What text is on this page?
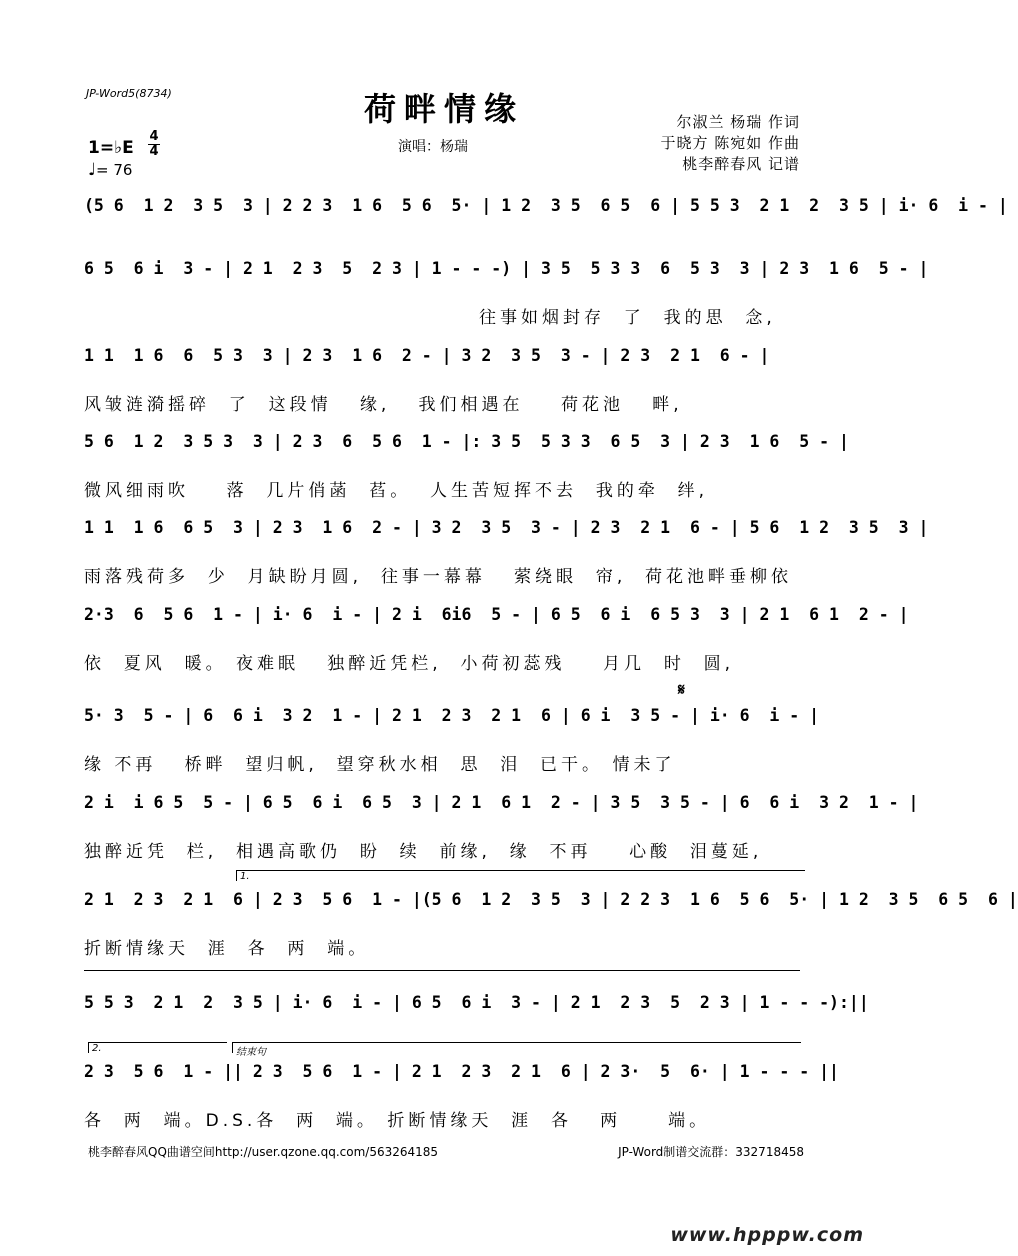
JP-Word5(8734)	荷畔情缘
演唱：杨瑞
尔淑兰 杨瑞 作词
于晓方 陈宛如 作曲
桃李醉春风 记谱
1=♭E
4
4
♩= 76
(5 6  1 2  3 5  3 | 2 2 3  1 6  5 6  5· | 1 2  3 5  6 5  6 | 5 5 3  2 1  2  3 5 | i· 6  i - |
6 5  6 i  3 - | 2 1  2 3  5  2 3 | 1 - - -) | 3 5  5 3 3  6  5 3  3 | 2 3  1 6  5 - |
往事如烟封存  了  我的思  念,
1 1  1 6  6  5 3  3 | 2 3  1 6  2 - | 3 2  3 5  3 - | 2 3  2 1  6 - |
风皱涟漪摇碎  了  这段情   缘,   我们相遇在    荷花池   畔,
5 6  1 2  3 5 3  3 | 2 3  6  5 6  1 - |: 3 5  5 3 3  6 5  3 | 2 3  1 6  5 - |
微风细雨吹    落  几片俏菡  萏。  人生苦短挥不去  我的牵  绊,
1 1  1 6  6 5  3 | 2 3  1 6  2 - | 3 2  3 5  3 - | 2 3  2 1  6 - | 5 6  1 2  3 5  3 |
雨落残荷多  少  月缺盼月圆,  往事一幕幕   萦绕眼  帘,  荷花池畔垂柳依
2·3  6  5 6  1 - | i· 6  i - | 2 i  6i6  5 - | 6 5  6 i  6 5 3  3 | 2 1  6 1  2 - |
依  夏风  暖。 夜难眠   独醉近凭栏,  小荷初蕊残    月几  时  圆,
𝄋
5· 3  5 - | 6  6 i  3 2  1 - | 2 1  2 3  2 1  6 | 6 i  3 5 - | i· 6  i - |
缘 不再   桥畔  望归帆,  望穿秋水相  思  泪  已干。 情未了
2 i  i 6 5  5 - | 6 5  6 i  6 5  3 | 2 1  6 1  2 - | 3 5  3 5 - | 6  6 i  3 2  1 - |
独醉近凭  栏,  相遇高歌仍  盼  续  前缘,  缘  不再    心酸  泪蔓延,
1.
2 1  2 3  2 1  6 | 2 3  5 6  1 - |(5 6  1 2  3 5  3 | 2 2 3  1 6  5 6  5· | 1 2  3 5  6 5  6 |
折断情缘天  涯  各  两  端。
5 5 3  2 1  2  3 5 | i· 6  i - | 6 5  6 i  3 - | 2 1  2 3  5  2 3 | 1 - - -):||
2.	结束句
2 3  5 6  1 - || 2 3  5 6  1 - | 2 1  2 3  2 1  6 | 2 3·  5  6· | 1 - - - ||
各  两  端。D.S.各  两  端。 折断情缘天  涯  各   两     端。
桃李醉春风QQ曲谱空间http://user.qzone.qq.com/563264185	JP-Word制谱交流群：332718458
www.hpppw.com
